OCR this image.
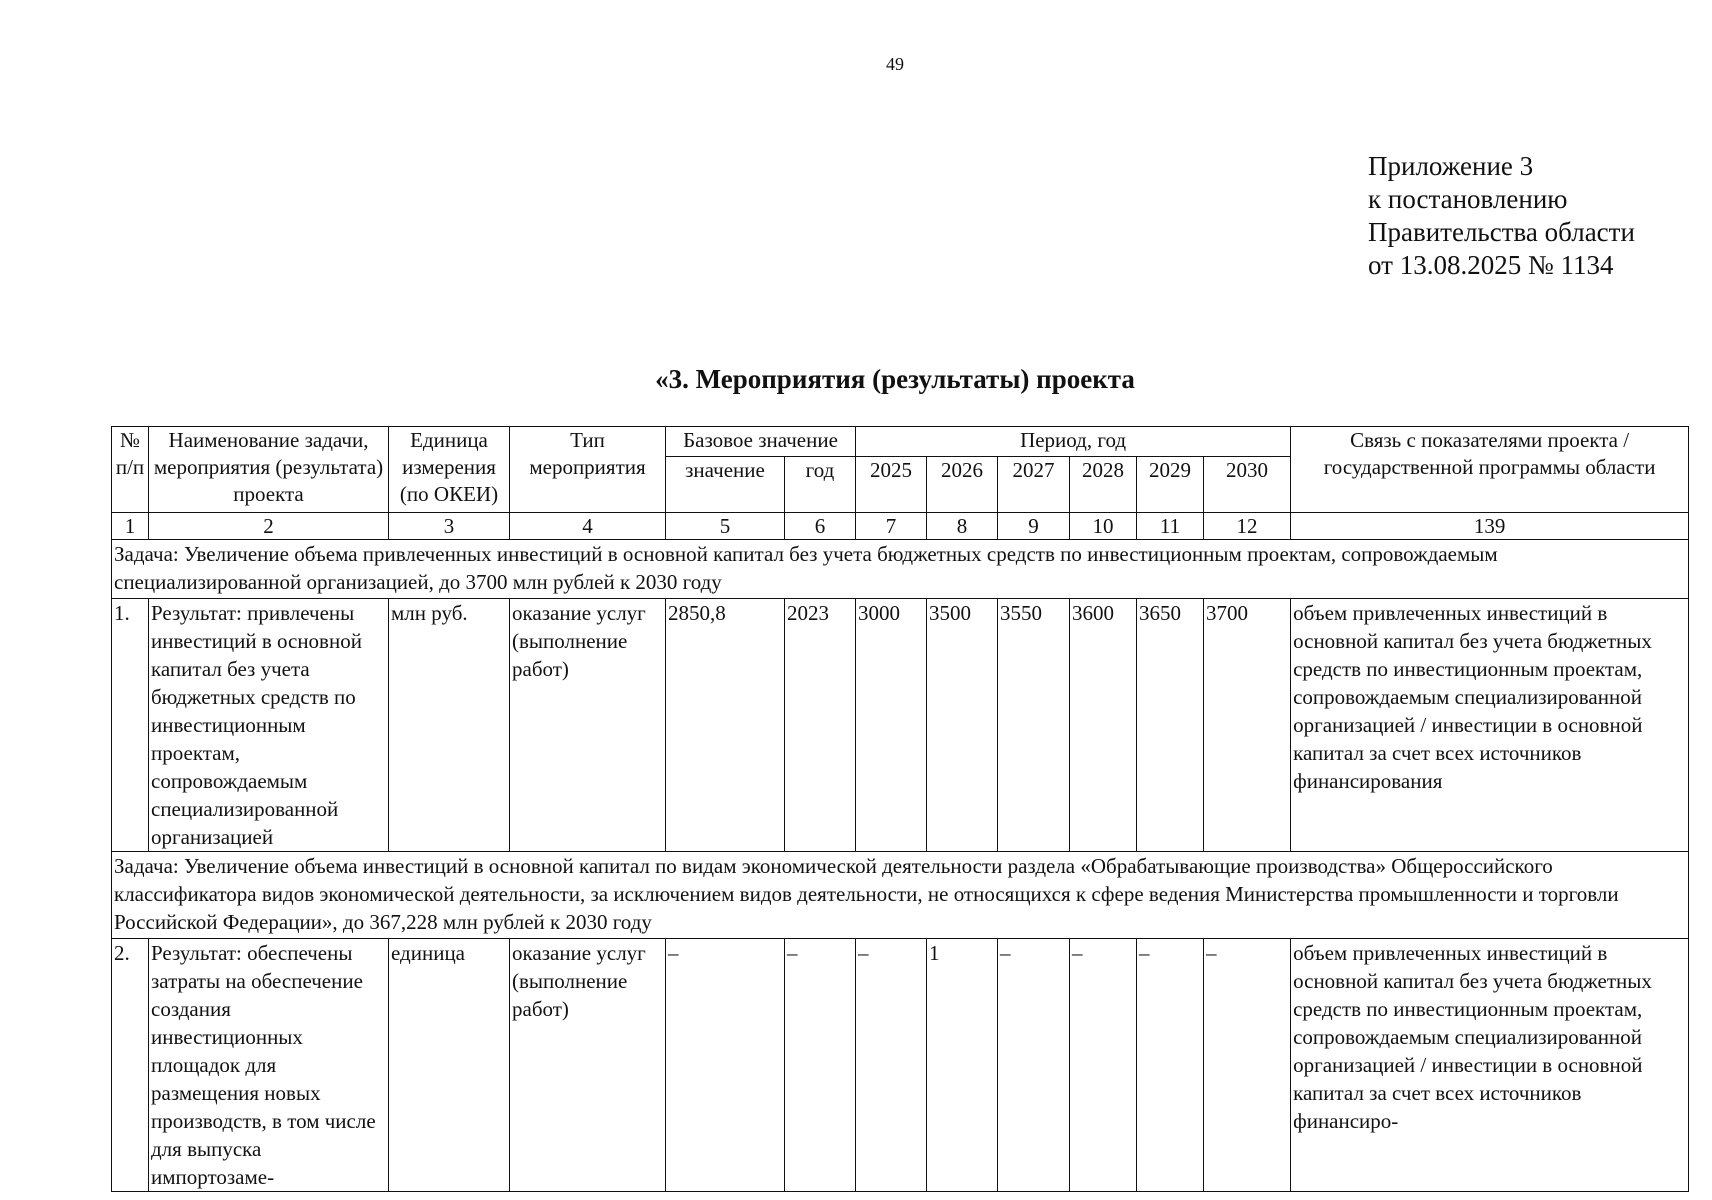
49
Приложение 3
к постановлению
Правительства области
от 13.08.2025 № 1134
«3. Мероприятия (результаты) проекта
№ п/п	Наименование задачи, мероприятия (результата) проекта	Единица измерения (по ОКЕИ)	Тип мероприятия	Базовое значение		Период, год						Связь с показателями проекта / государственной программы области
				значение	год	2025	2026	2027	2028	2029	2030	
1	2	3	4	5	6	7	8	9	10	11	12	139
Задача: Увеличение объема привлеченных инвестиций в основной капитал без учета бюджетных средств по инвестиционным проектам, сопровождаемым специализированной организацией, до 3700 млн рублей к 2030 году												
1.	Результат: привлечены инвестиций в основной капитал без учета бюджетных средств по инвестиционным проектам, сопровождаемым специализированной организацией	млн руб.	оказание услуг (выполнение работ)	2850,8	2023	3000	3500	3550	3600	3650	3700	объем привлеченных инвестиций в основной капитал без учета бюджетных средств по инвестиционным проектам, сопровождаемым специализированной организацией / инвестиции в основной капитал за счет всех источников финансирования
Задача: Увеличение объема инвестиций в основной капитал по видам экономической деятельности раздела «Обрабатывающие производства» Общероссийского классификатора видов экономической деятельности, за исключением видов деятельности, не относящихся к сфере ведения Министерства промышленности и торговли Российской Федерации», до 367,228 млн рублей к 2030 году												
2.	Результат: обеспечены затраты на обеспечение создания инвестиционных площадок для размещения новых производств, в том числе для выпуска импортозаме-	единица	оказание услуг (выполнение работ)	–	–	–	1	–	–	–	–	объем привлеченных инвестиций в основной капитал без учета бюджетных средств по инвестиционным проектам, сопровождаемым специализированной организацией / инвестиции в основной капитал за счет всех источников финансиро-
